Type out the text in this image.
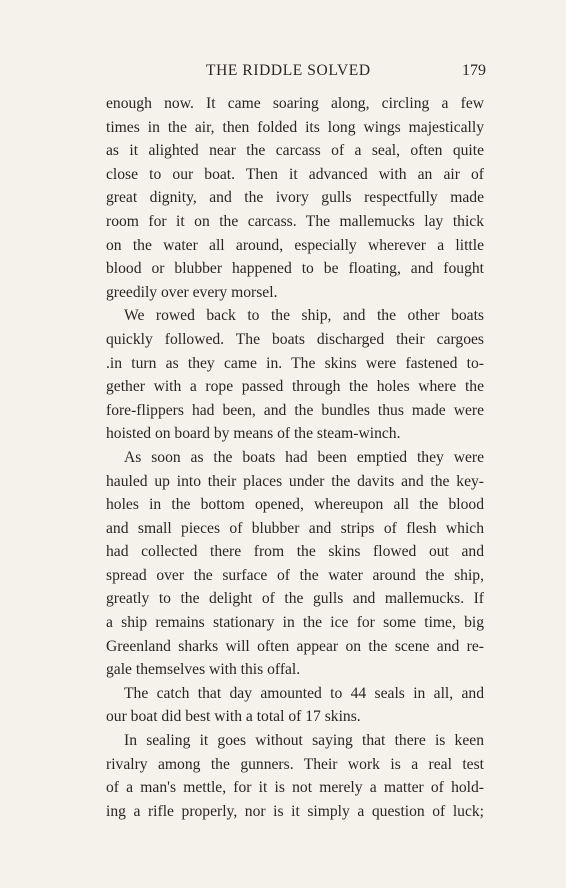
THE RIDDLE SOLVED	179
enough now. It came soaring along, circling a few
times in the air, then folded its long wings majestically
as it alighted near the carcass of a seal, often quite
close to our boat. Then it advanced with an air of
great dignity, and the ivory gulls respectfully made
room for it on the carcass. The mallemucks lay thick
on the water all around, especially wherever a little
blood or blubber happened to be floating, and fought
greedily over every morsel.
We rowed back to the ship, and the other boats
quickly followed. The boats discharged their cargoes
.in turn as they came in. The skins were fastened to-
gether with a rope passed through the holes where the
fore-flippers had been, and the bundles thus made were
hoisted on board by means of the steam-winch.
As soon as the boats had been emptied they were
hauled up into their places under the davits and the key-
holes in the bottom opened, whereupon all the blood
and small pieces of blubber and strips of flesh which
had collected there from the skins flowed out and
spread over the surface of the water around the ship,
greatly to the delight of the gulls and mallemucks. If
a ship remains stationary in the ice for some time, big
Greenland sharks will often appear on the scene and re-
gale themselves with this offal.
The catch that day amounted to 44 seals in all, and
our boat did best with a total of 17 skins.
In sealing it goes without saying that there is keen
rivalry among the gunners. Their work is a real test
of a man's mettle, for it is not merely a matter of hold-
ing a rifle properly, nor is it simply a question of luck;
